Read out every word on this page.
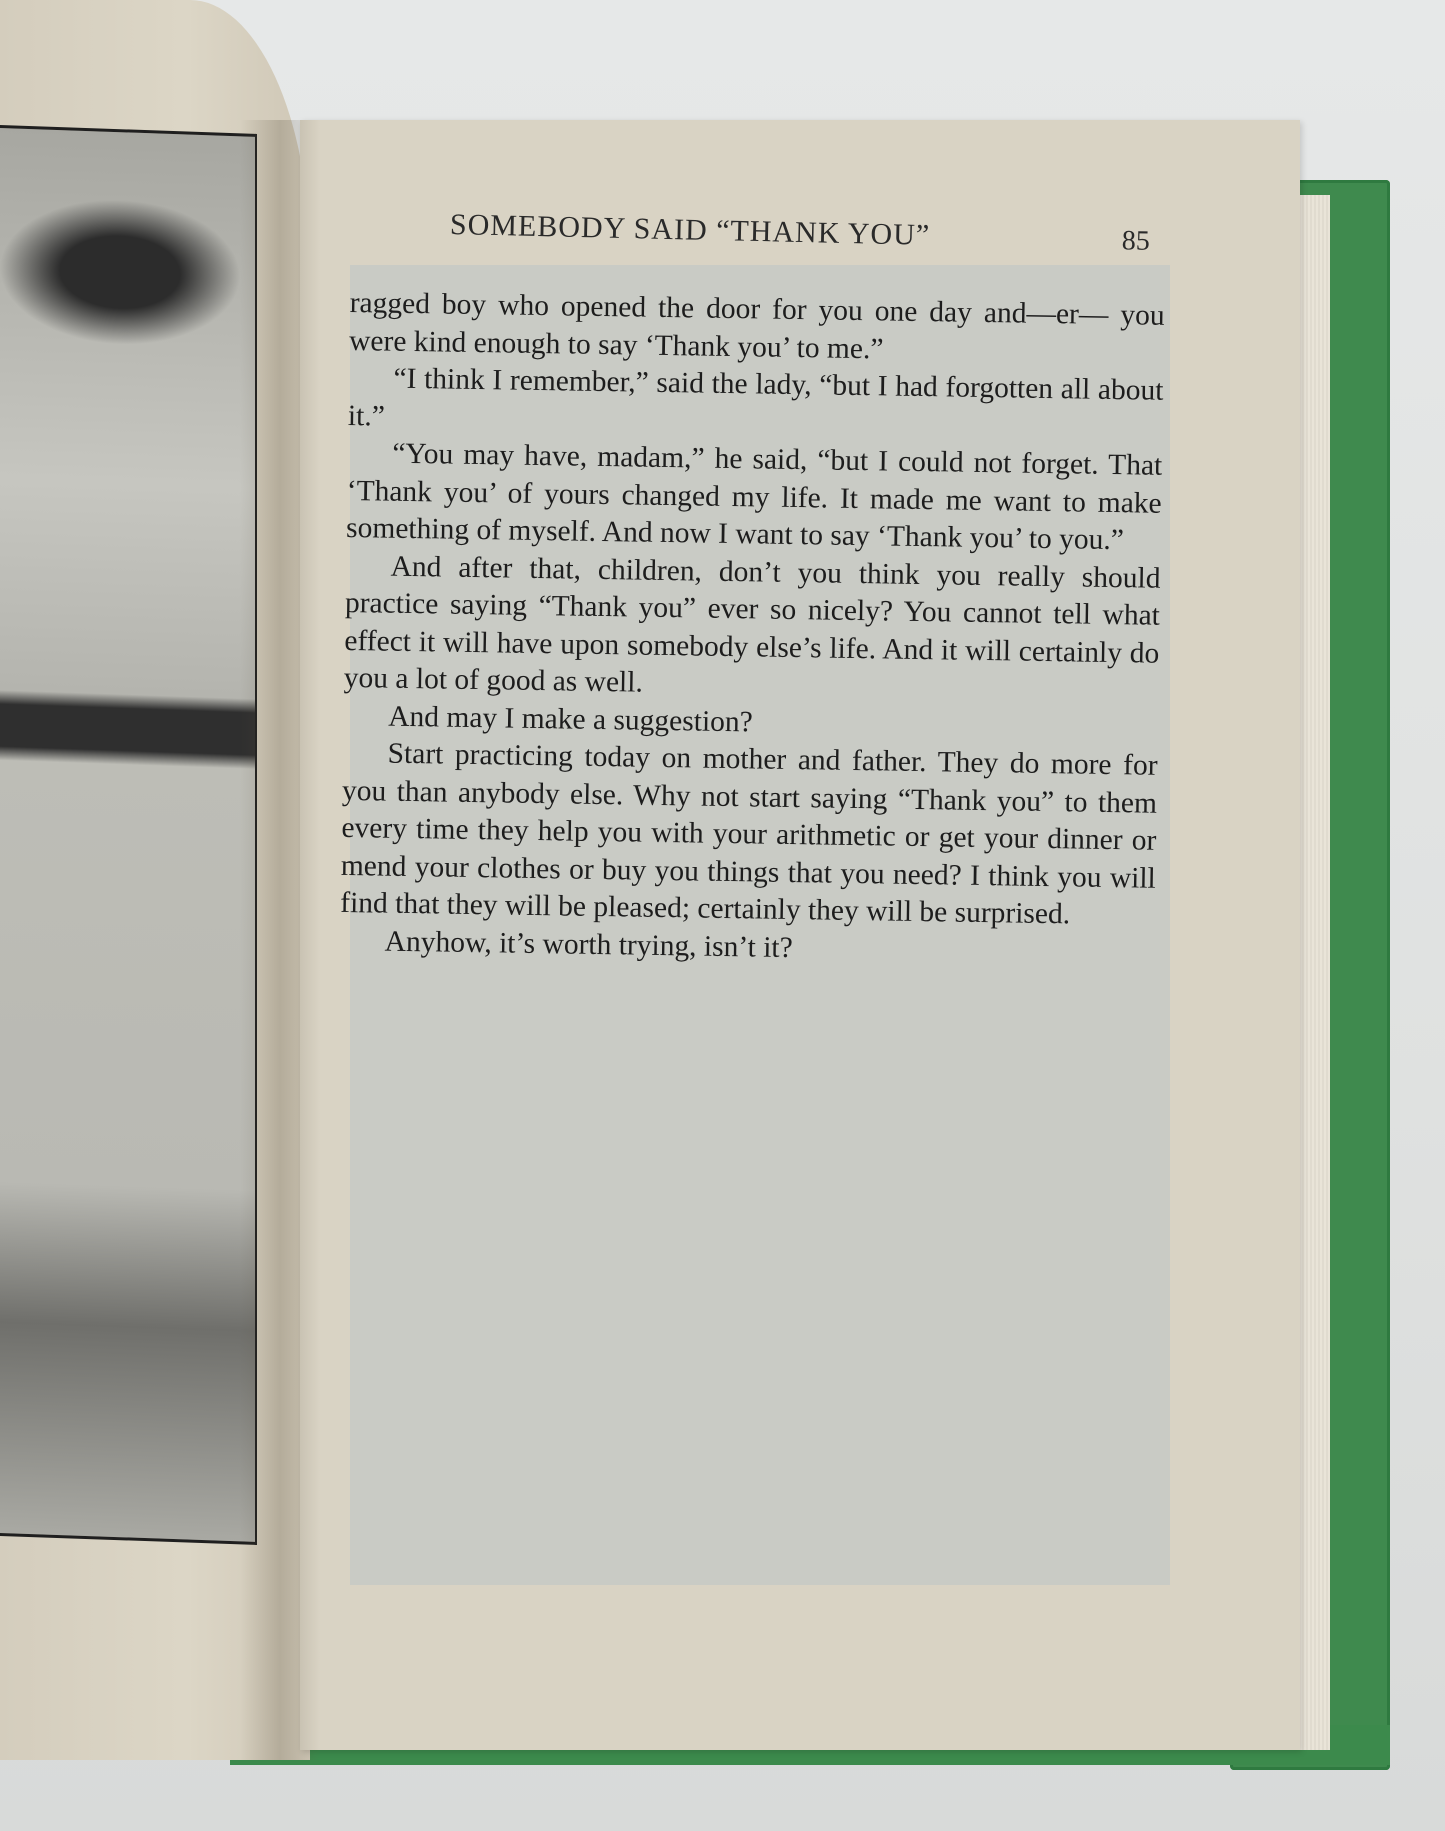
SOMEBODY SAID “THANK YOU”	85

ragged boy who opened the door for you one day and—er— you were kind enough to say ‘Thank you’ to me.”

“I think I remember,” said the lady, “but I had forgotten all about it.”

“You may have, madam,” he said, “but I could not forget. That ‘Thank you’ of yours changed my life. It made me want to make something of myself. And now I want to say ‘Thank you’ to you.”

And after that, children, don’t you think you really should practice saying “Thank you” ever so nicely? You cannot tell what effect it will have upon somebody else’s life. And it will certainly do you a lot of good as well.

And may I make a suggestion?

Start practicing today on mother and father. They do more for you than anybody else. Why not start saying “Thank you” to them every time they help you with your arithmetic or get your dinner or mend your clothes or buy you things that you need? I think you will find that they will be pleased; certainly they will be surprised.

Anyhow, it’s worth trying, isn’t it?
